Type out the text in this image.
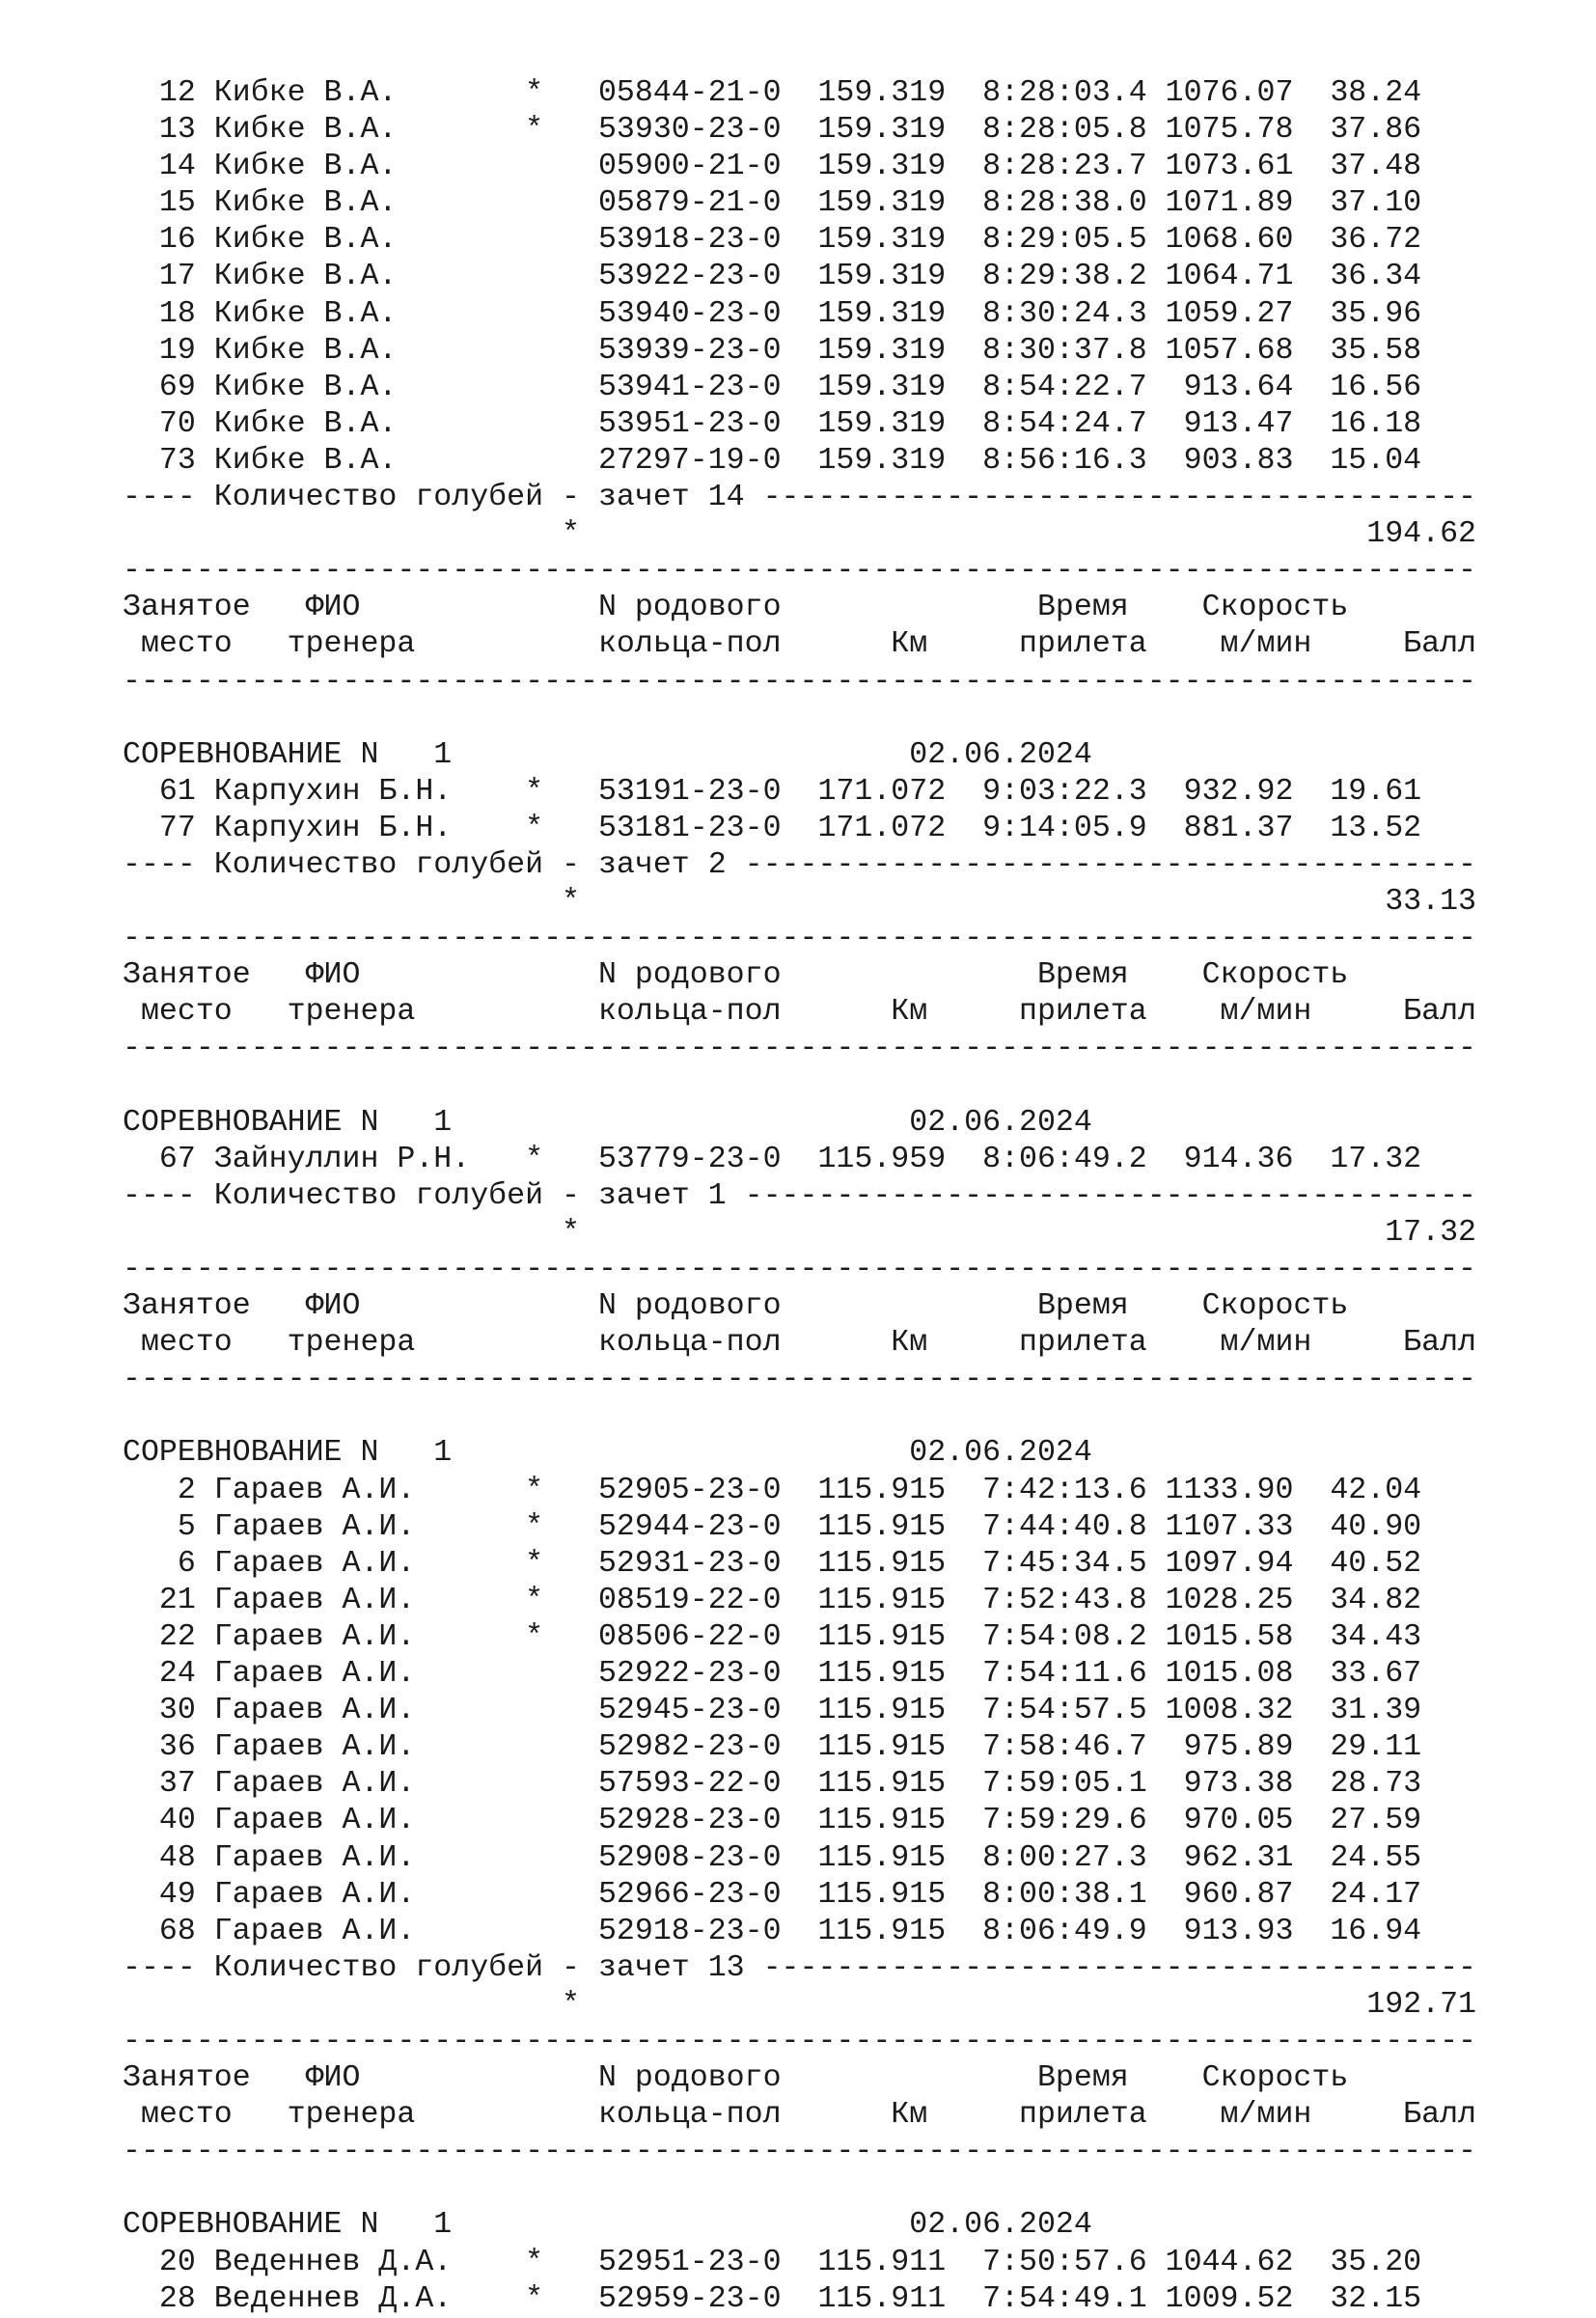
12 Кибке В.А.       *   05844-21-0  159.319  8:28:03.4 1076.07  38.24
13 Кибке В.А.       *   53930-23-0  159.319  8:28:05.8 1075.78  37.86
14 Кибке В.А.           05900-21-0  159.319  8:28:23.7 1073.61  37.48
15 Кибке В.А.           05879-21-0  159.319  8:28:38.0 1071.89  37.10
16 Кибке В.А.           53918-23-0  159.319  8:29:05.5 1068.60  36.72
17 Кибке В.А.           53922-23-0  159.319  8:29:38.2 1064.71  36.34
18 Кибке В.А.           53940-23-0  159.319  8:30:24.3 1059.27  35.96
19 Кибке В.А.           53939-23-0  159.319  8:30:37.8 1057.68  35.58
69 Кибке В.А.           53941-23-0  159.319  8:54:22.7  913.64  16.56
70 Кибке В.А.           53951-23-0  159.319  8:54:24.7  913.47  16.18
73 Кибке В.А.           27297-19-0  159.319  8:56:16.3  903.83  15.04
---- Количество голубей - зачет 14 ---------------------------------------
*                                           194.62
--------------------------------------------------------------------------
Занятое   ФИО             N родового              Время    Скорость
место   тренера          кольца-пол      Км     прилета    м/мин     Балл
--------------------------------------------------------------------------

СОРЕВНОВАНИЕ N   1                         02.06.2024
61 Карпухин Б.Н.    *   53191-23-0  171.072  9:03:22.3  932.92  19.61
77 Карпухин Б.Н.    *   53181-23-0  171.072  9:14:05.9  881.37  13.52
---- Количество голубей - зачет 2 ----------------------------------------
*                                            33.13
--------------------------------------------------------------------------
Занятое   ФИО             N родового              Время    Скорость
место   тренера          кольца-пол      Км     прилета    м/мин     Балл
--------------------------------------------------------------------------

СОРЕВНОВАНИЕ N   1                         02.06.2024
67 Зайнуллин Р.Н.   *   53779-23-0  115.959  8:06:49.2  914.36  17.32
---- Количество голубей - зачет 1 ----------------------------------------
*                                            17.32
--------------------------------------------------------------------------
Занятое   ФИО             N родового              Время    Скорость
место   тренера          кольца-пол      Км     прилета    м/мин     Балл
--------------------------------------------------------------------------

СОРЕВНОВАНИЕ N   1                         02.06.2024
2 Гараев А.И.      *   52905-23-0  115.915  7:42:13.6 1133.90  42.04
5 Гараев А.И.      *   52944-23-0  115.915  7:44:40.8 1107.33  40.90
6 Гараев А.И.      *   52931-23-0  115.915  7:45:34.5 1097.94  40.52
21 Гараев А.И.      *   08519-22-0  115.915  7:52:43.8 1028.25  34.82
22 Гараев А.И.      *   08506-22-0  115.915  7:54:08.2 1015.58  34.43
24 Гараев А.И.          52922-23-0  115.915  7:54:11.6 1015.08  33.67
30 Гараев А.И.          52945-23-0  115.915  7:54:57.5 1008.32  31.39
36 Гараев А.И.          52982-23-0  115.915  7:58:46.7  975.89  29.11
37 Гараев А.И.          57593-22-0  115.915  7:59:05.1  973.38  28.73
40 Гараев А.И.          52928-23-0  115.915  7:59:29.6  970.05  27.59
48 Гараев А.И.          52908-23-0  115.915  8:00:27.3  962.31  24.55
49 Гараев А.И.          52966-23-0  115.915  8:00:38.1  960.87  24.17
68 Гараев А.И.          52918-23-0  115.915  8:06:49.9  913.93  16.94
---- Количество голубей - зачет 13 ---------------------------------------
*                                           192.71
--------------------------------------------------------------------------
Занятое   ФИО             N родового              Время    Скорость
место   тренера          кольца-пол      Км     прилета    м/мин     Балл
--------------------------------------------------------------------------

СОРЕВНОВАНИЕ N   1                         02.06.2024
20 Веденнев Д.А.    *   52951-23-0  115.911  7:50:57.6 1044.62  35.20
28 Веденнев Д.А.    *   52959-23-0  115.911  7:54:49.1 1009.52  32.15
